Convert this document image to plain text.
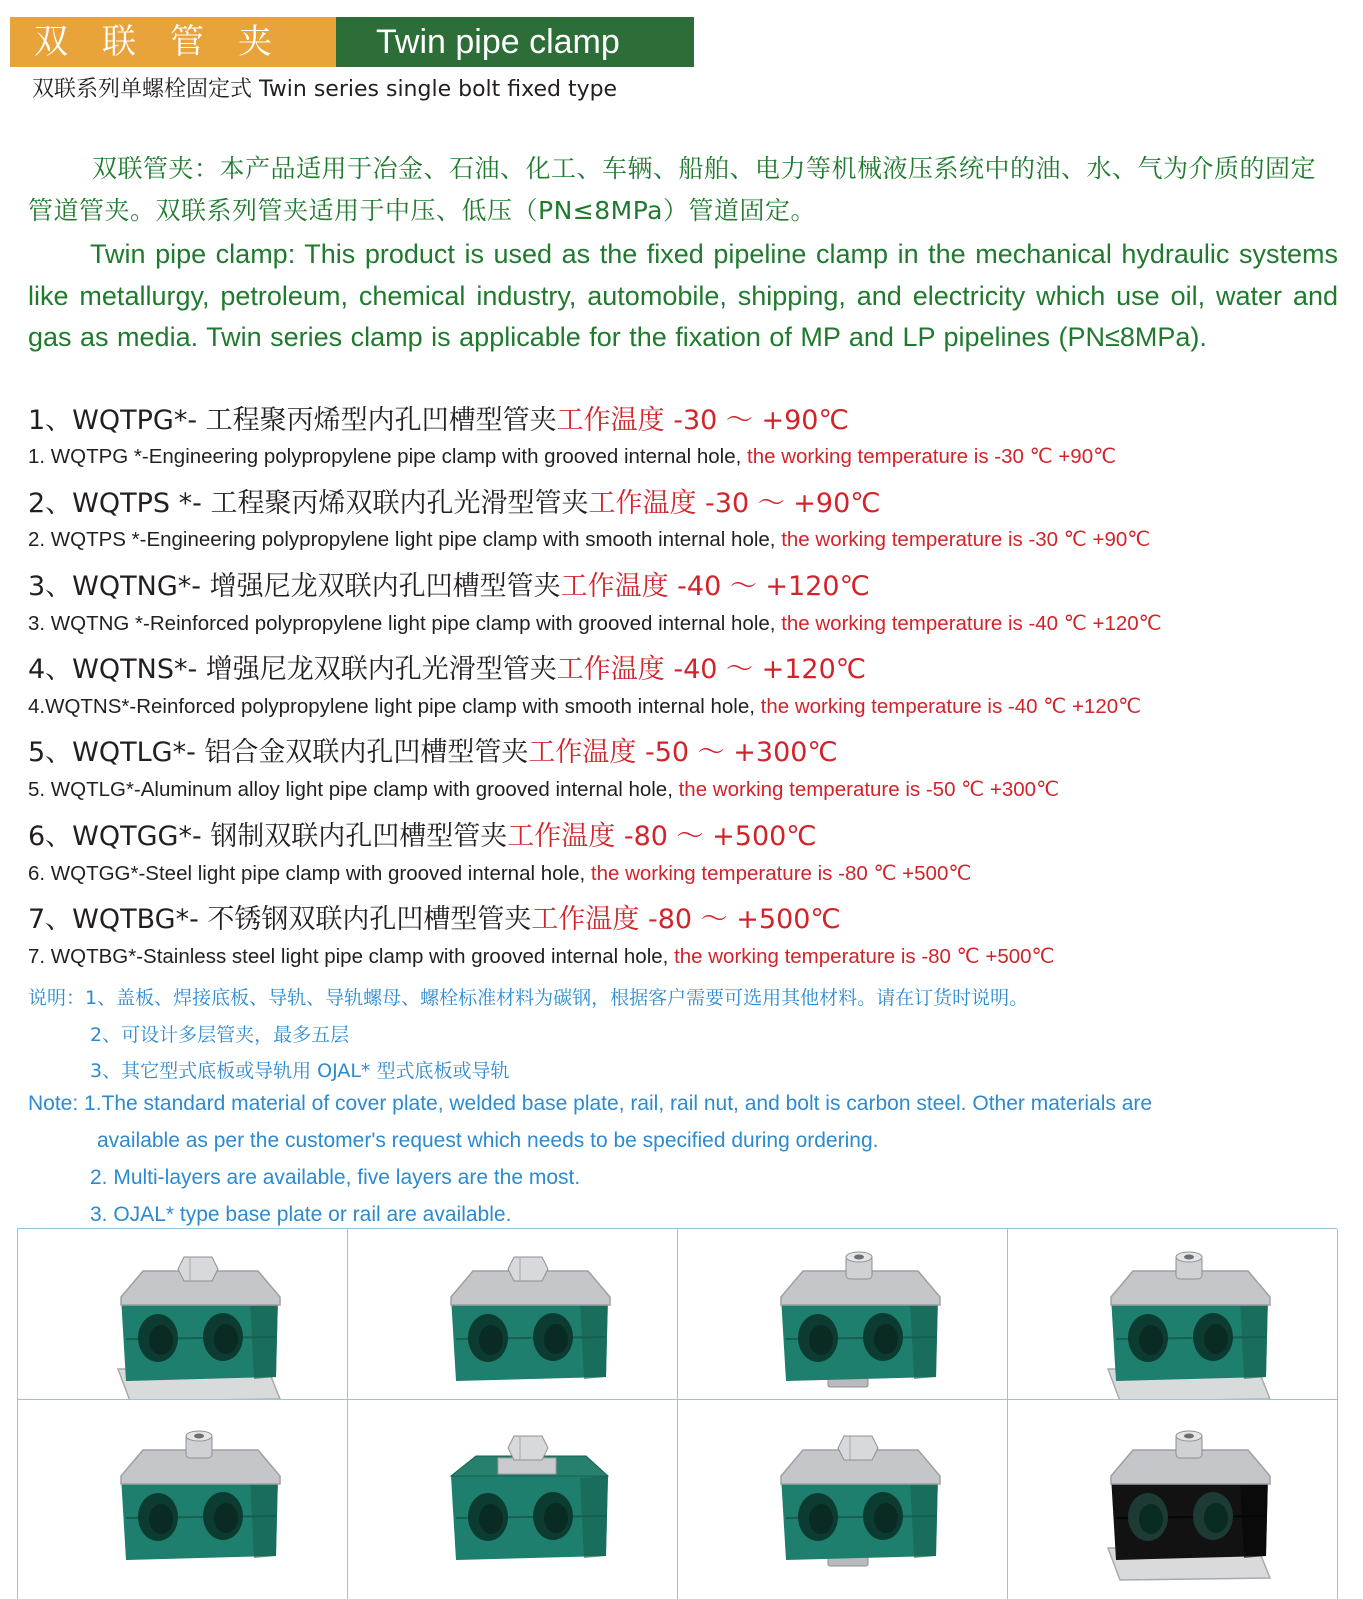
双联管夹	Twin pipe clamp
双联系列单螺栓固定式 Twin series single bolt fixed type

双联管夹：本产品适用于冶金、石油、化工、车辆、船舶、电力等机械液压系统中的油、水、气为介质的固定管道管夹。双联系列管夹适用于中压、低压（PN≤8MPa）管道固定。

Twin pipe clamp: This product is used as the fixed pipeline clamp in the mechanical hydraulic systems like metallurgy, petroleum, chemical industry, automobile, shipping, and electricity which use oil, water and gas as media. Twin series clamp is applicable for the fixation of MP and LP pipelines (PN≤8MPa).

1、WQTPG*- 工程聚丙烯型内孔凹槽型管夹工作温度 -30 ～ +90℃
1. WQTPG *-Engineering polypropylene pipe clamp with grooved internal hole, the working temperature is -30 ℃ +90℃
2、WQTPS *- 工程聚丙烯双联内孔光滑型管夹工作温度 -30 ～ +90℃
2. WQTPS *-Engineering polypropylene light pipe clamp with smooth internal hole, the working temperature is -30 ℃ +90℃
3、WQTNG*- 增强尼龙双联内孔凹槽型管夹工作温度 -40 ～ +120℃
3. WQTNG *-Reinforced polypropylene light pipe clamp with grooved internal hole, the working temperature is -40 ℃ +120℃
4、WQTNS*- 增强尼龙双联内孔光滑型管夹工作温度 -40 ～ +120℃
4.WQTNS*-Reinforced polypropylene light pipe clamp with smooth internal hole, the working temperature is -40 ℃ +120℃
5、WQTLG*- 铝合金双联内孔凹槽型管夹工作温度 -50 ～ +300℃
5. WQTLG*-Aluminum alloy light pipe clamp with grooved internal hole, the working temperature is -50 ℃ +300℃
6、WQTGG*- 钢制双联内孔凹槽型管夹工作温度 -80 ～ +500℃
6. WQTGG*-Steel light pipe clamp with grooved internal hole, the working temperature is -80 ℃ +500℃
7、WQTBG*- 不锈钢双联内孔凹槽型管夹工作温度 -80 ～ +500℃
7. WQTBG*-Stainless steel light pipe clamp with grooved internal hole, the working temperature is -80 ℃ +500℃
说明：1、盖板、焊接底板、导轨、导轨螺母、螺栓标准材料为碳钢，根据客户需要可选用其他材料。请在订货时说明。
2、可设计多层管夹，最多五层
3、其它型式底板或导轨用 OJAL* 型式底板或导轨
Note: 1.The standard material of cover plate, welded base plate, rail, rail nut, and bolt is carbon steel. Other materials are
available as per the customer's request which needs to be specified during ordering.
2. Multi-layers are available, five layers are the most.
3. OJAL* type base plate or rail are available.
